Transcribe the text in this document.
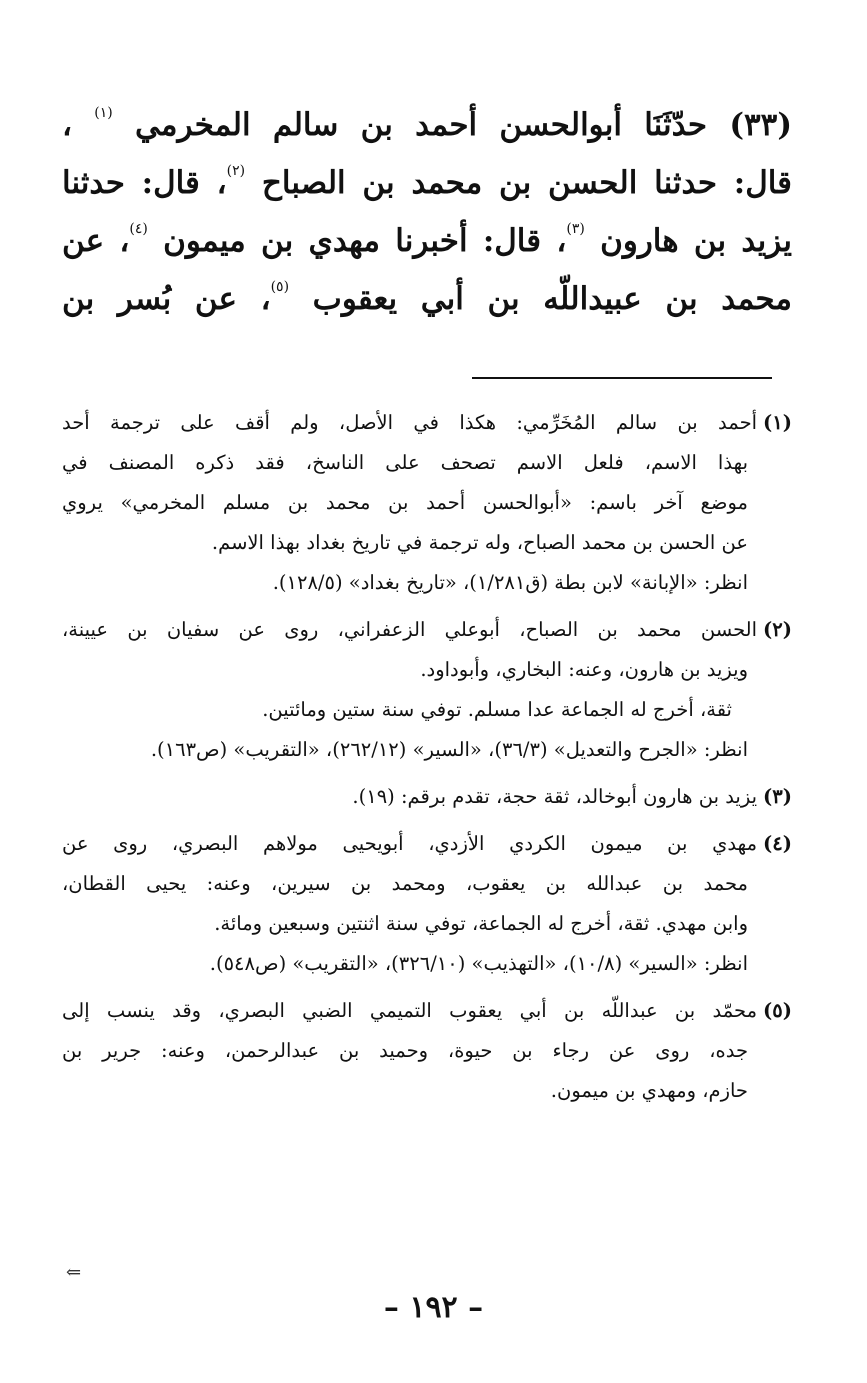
(٣٣) حدّثَنَا أبوالحسن أحمد بن سالم المخرمي $^{(١)}$ ،
قال: حدثنا الحسن بن محمد بن الصباح $^{(٢)}$، قال: حدثنا
يزيد بن هارون $^{(٣)}$، قال: أخبرنا مهدي بن ميمون $^{(٤)}$، عن
محمد بن عبيداللّه بن أبي يعقوب $^{(٥)}$، عن بُسر بن
(١)أحمد بن سالم المُخَرِّمي: هكذا في الأصل، ولم أقف على ترجمة أحد
بهذا الاسم، فلعل الاسم تصحف على الناسخ، فقد ذكره المصنف في
موضع آخر باسم: «أبوالحسن أحمد بن محمد بن مسلم المخرمي» يروي
عن الحسن بن محمد الصباح، وله ترجمة في تاريخ بغداد بهذا الاسم.
انظر: «الإبانة» لابن بطة (ق١/٢٨١)، «تاريخ بغداد» (١٢٨/٥).
(٢)الحسن محمد بن الصباح، أبوعلي الزعفراني، روى عن سفيان بن عيينة،
ويزيد بن هارون، وعنه: البخاري، وأبوداود.
ثقة، أخرج له الجماعة عدا مسلم. توفي سنة ستين ومائتين.
انظر: «الجرح والتعديل» (٣٦/٣)، «السير» (٢٦٢/١٢)، «التقريب» (ص١٦٣).
(٣)يزيد بن هارون أبوخالد، ثقة حجة، تقدم برقم: (١٩).
(٤)مهدي بن ميمون الكردي الأزدي، أبويحيى مولاهم البصري، روى عن
محمد بن عبدالله بن يعقوب، ومحمد بن سيرين، وعنه: يحيى القطان،
وابن مهدي. ثقة، أخرج له الجماعة، توفي سنة اثنتين وسبعين ومائة.
انظر: «السير» (١٠/٨)، «التهذيب» (٣٢٦/١٠)، «التقريب» (ص٥٤٨).
(٥)محمّد بن عبداللّه بن أبي يعقوب التميمي الضبي البصري، وقد ينسب إلى
جده، روى عن رجاء بن حيوة، وحميد بن عبدالرحمن، وعنه: جرير بن
حازم، ومهدي بن ميمون.
⇐
– ١٩٢ –
